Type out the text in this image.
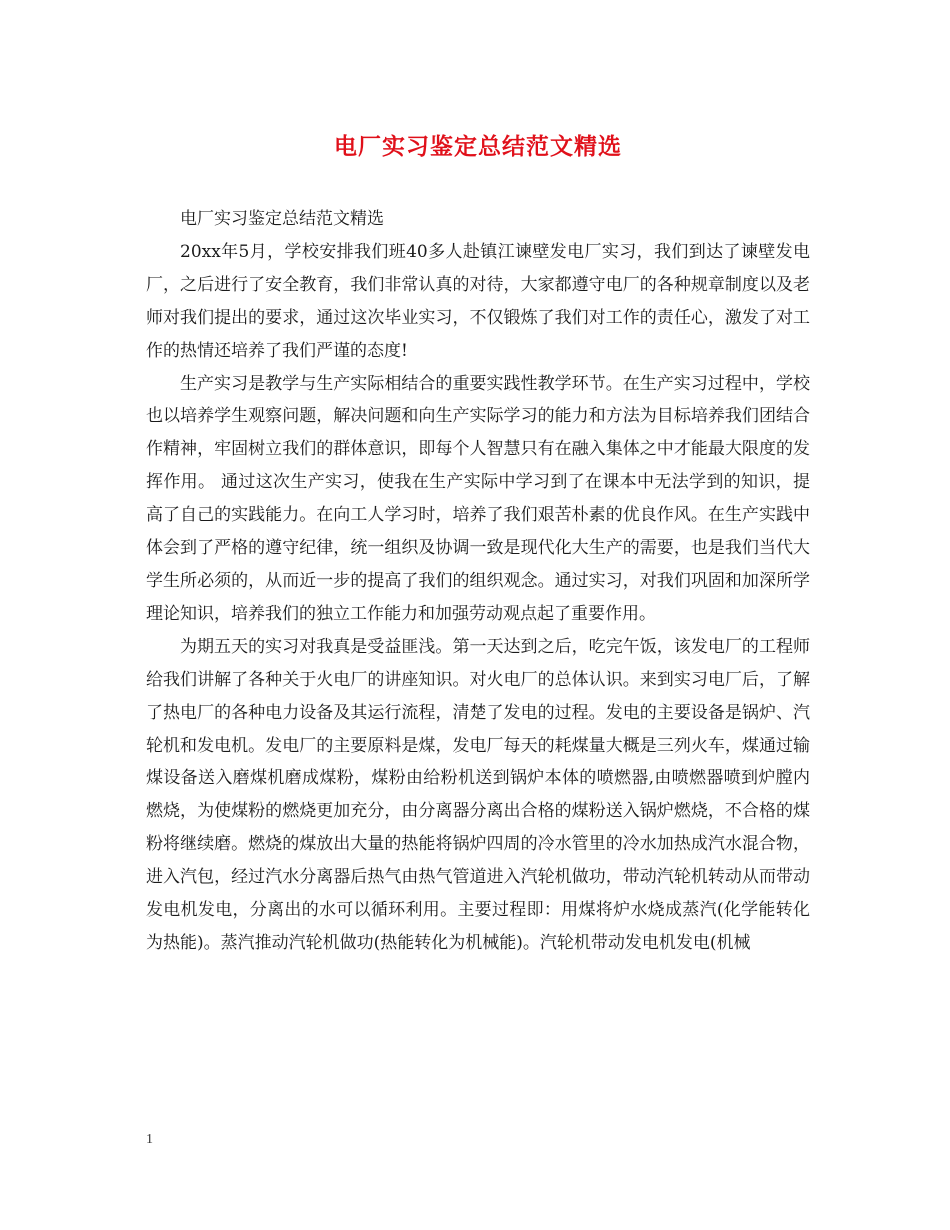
电厂实习鉴定总结范文精选

电厂实习鉴定总结范文精选

20xx年5月，学校安排我们班40多人赴镇江谏壁发电厂实习，我们到达了谏壁发电厂，之后进行了安全教育，我们非常认真的对待，大家都遵守电厂的各种规章制度以及老师对我们提出的要求，通过这次毕业实习，不仅锻炼了我们对工作的责任心，激发了对工作的热情还培养了我们严谨的态度!

生产实习是教学与生产实际相结合的重要实践性教学环节。在生产实习过程中，学校也以培养学生观察问题，解决问题和向生产实际学习的能力和方法为目标培养我们团结合作精神，牢固树立我们的群体意识，即每个人智慧只有在融入集体之中才能最大限度的发挥作用。 通过这次生产实习，使我在生产实际中学习到了在课本中无法学到的知识，提高了自己的实践能力。在向工人学习时，培养了我们艰苦朴素的优良作风。在生产实践中体会到了严格的遵守纪律，统一组织及协调一致是现代化大生产的需要，也是我们当代大学生所必须的，从而近一步的提高了我们的组织观念。通过实习，对我们巩固和加深所学理论知识，培养我们的独立工作能力和加强劳动观点起了重要作用。

为期五天的实习对我真是受益匪浅。第一天达到之后，吃完午饭，该发电厂的工程师给我们讲解了各种关于火电厂的讲座知识。对火电厂的总体认识。来到实习电厂后，了解了热电厂的各种电力设备及其运行流程，清楚了发电的过程。发电的主要设备是锅炉、汽轮机和发电机。发电厂的主要原料是煤，发电厂每天的耗煤量大概是三列火车，煤通过输煤设备送入磨煤机磨成煤粉，煤粉由给粉机送到锅炉本体的喷燃器,由喷燃器喷到炉膛内燃烧，为使煤粉的燃烧更加充分，由分离器分离出合格的煤粉送入锅炉燃烧，不合格的煤粉将继续磨。燃烧的煤放出大量的热能将锅炉四周的冷水管里的冷水加热成汽水混合物，进入汽包，经过汽水分离器后热气由热气管道进入汽轮机做功，带动汽轮机转动从而带动发电机发电，分离出的水可以循环利用。主要过程即：用煤将炉水烧成蒸汽(化学能转化为热能)。蒸汽推动汽轮机做功(热能转化为机械能)。汽轮机带动发电机发电(机械

1
